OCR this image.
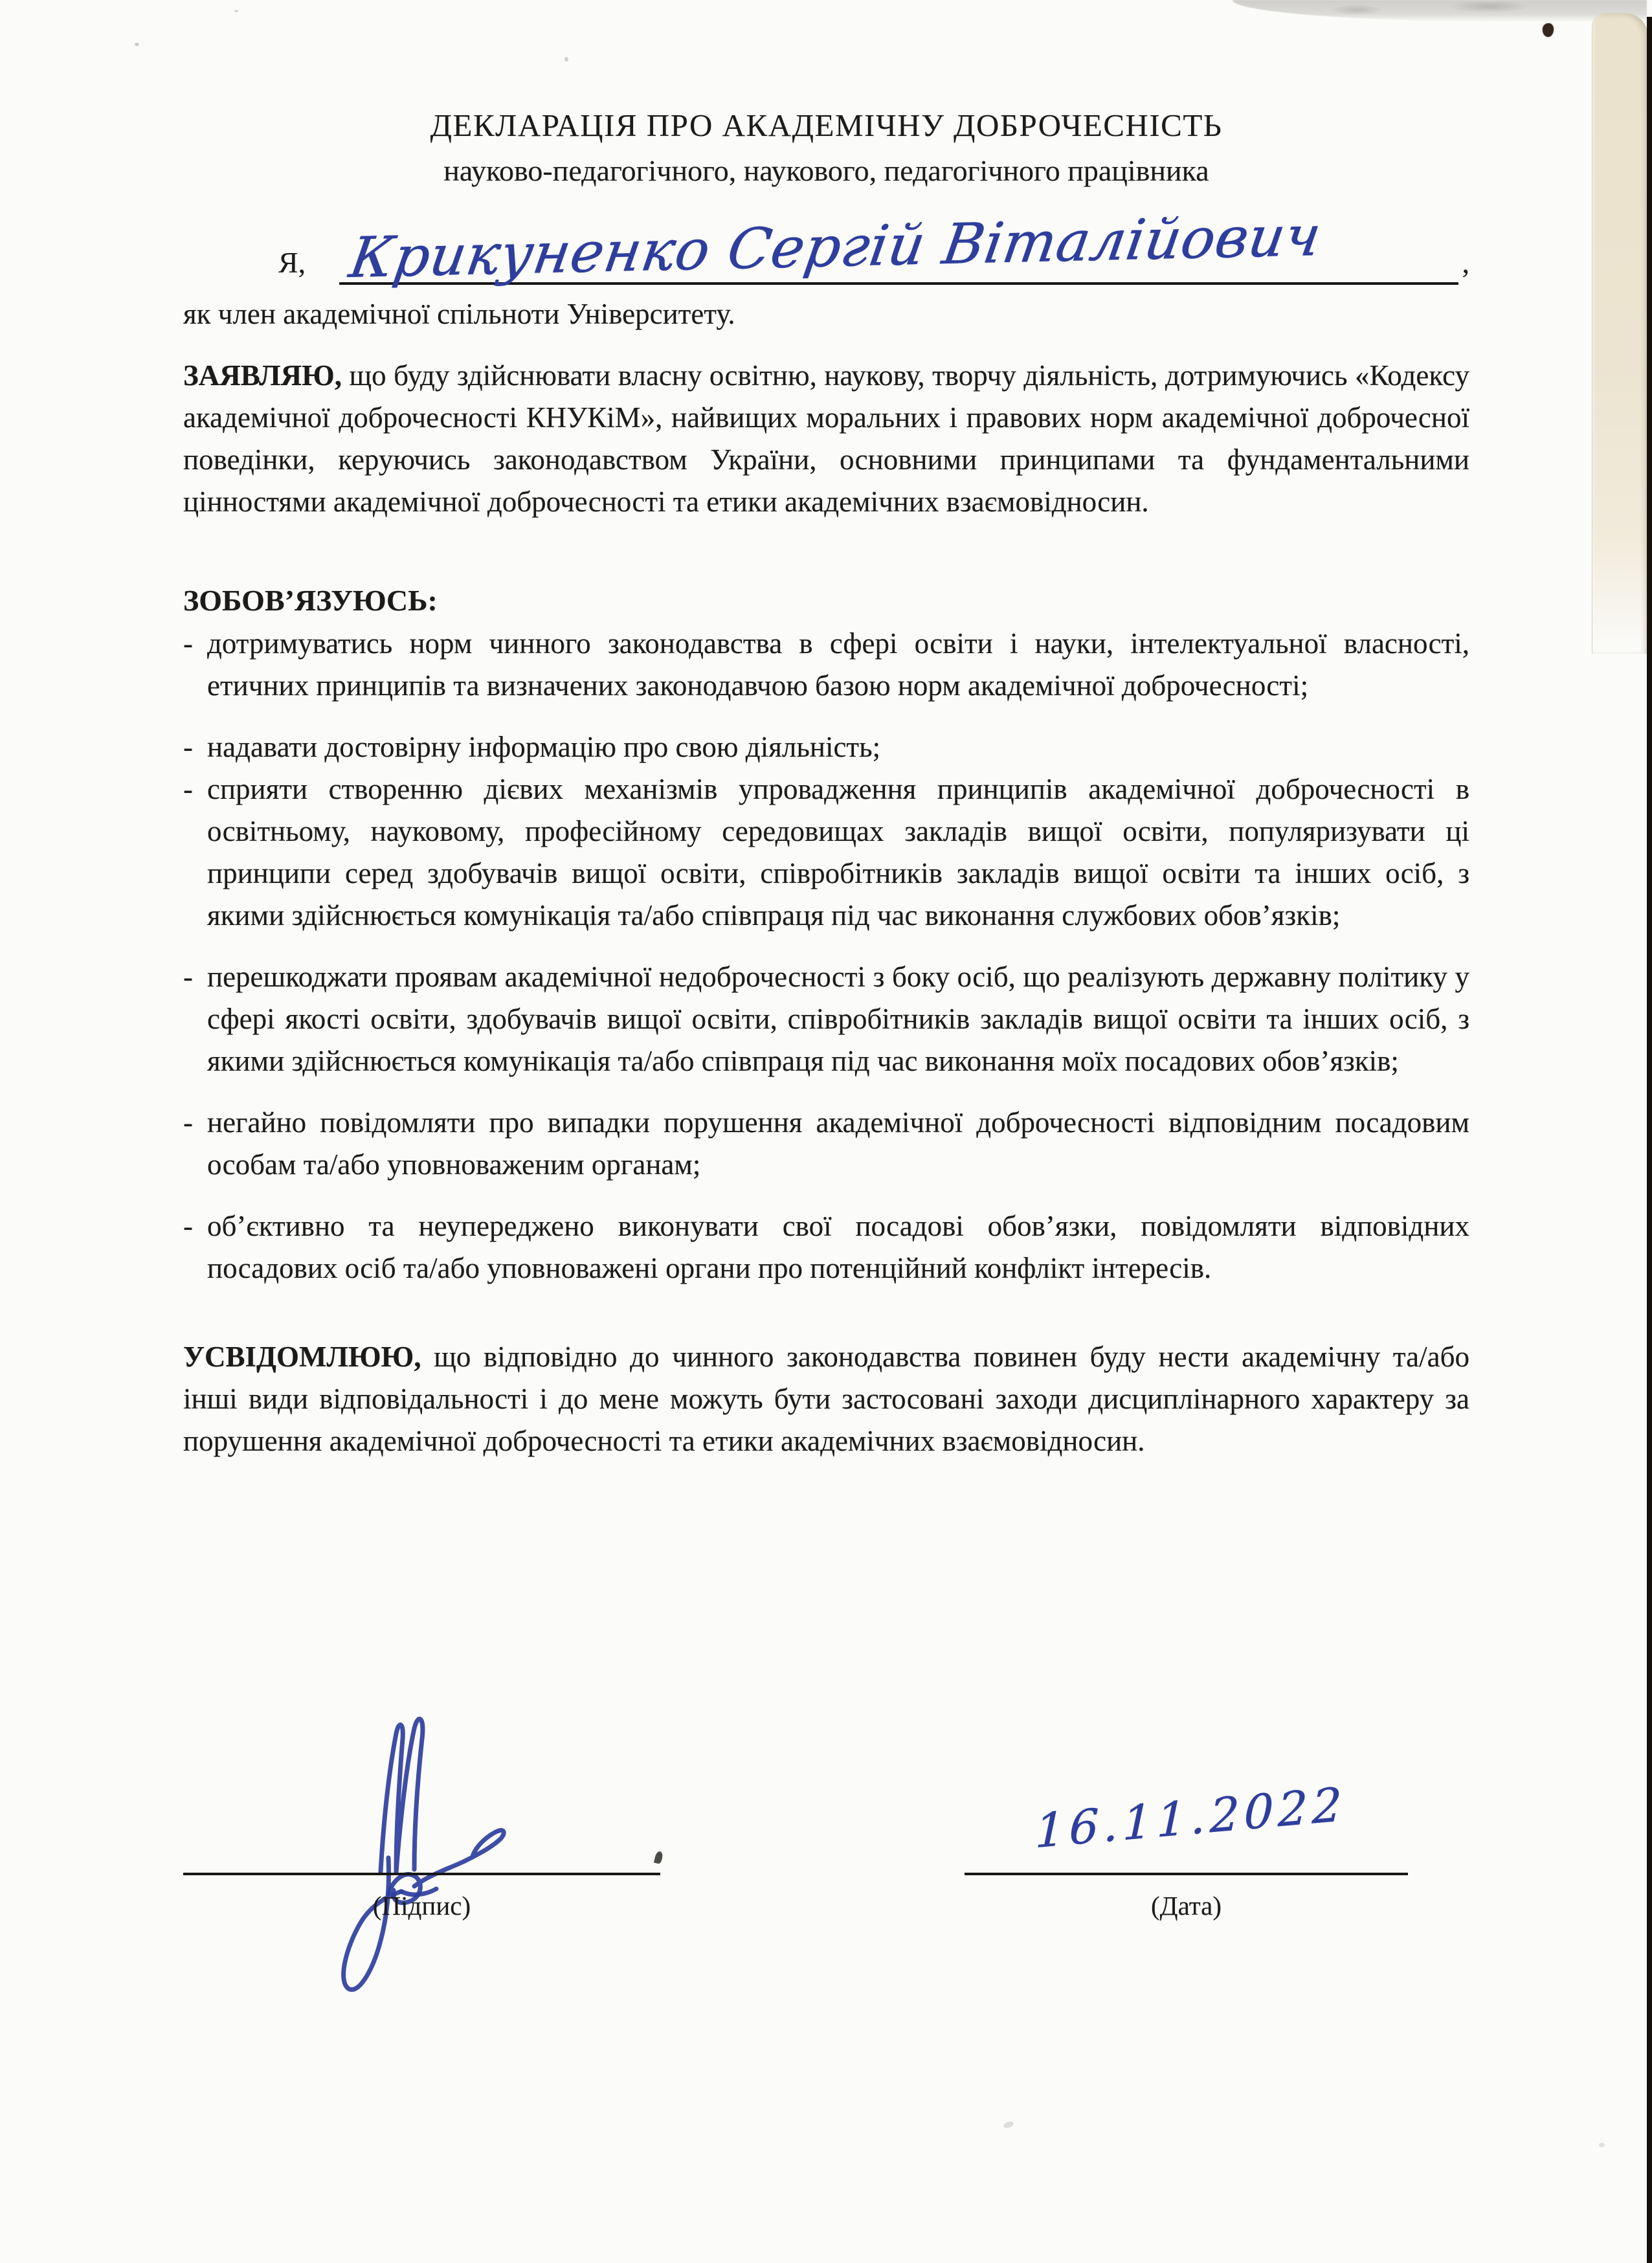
ДЕКЛАРАЦІЯ ПРО АКАДЕМІЧНУ ДОБРОЧЕСНІСТЬ
науково-педагогічного, наукового, педагогічного працівника
Я, Крикуненко Сергій Віталійович	,
як член академічної спільноти Університету.

ЗАЯВЛЯЮ, що буду здійснювати власну освітню, наукову, творчу діяльність, дотримуючись «Кодексу академічної доброчесності КНУКіМ», найвищих моральних і правових норм академічної доброчесної поведінки, керуючись законодавством України, основними принципами та фундаментальними цінностями академічної доброчесності та етики академічних взаємовідносин.

ЗОБОВ’ЯЗУЮСЬ:
- дотримуватись норм чинного законодавства в сфері освіти і науки, інтелектуальної власності, етичних принципів та визначених законодавчою базою норм академічної доброчесності;
- надавати достовірну інформацію про свою діяльність;
- сприяти створенню дієвих механізмів упровадження принципів академічної доброчесності в освітньому, науковому, професійному середовищах закладів вищої освіти, популяризувати ці принципи серед здобувачів вищої освіти, співробітників закладів вищої освіти та інших осіб, з якими здійснюється комунікація та/або співпраця під час виконання службових обов’язків;
- перешкоджати проявам академічної недоброчесності з боку осіб, що реалізують державну політику у сфері якості освіти, здобувачів вищої освіти, співробітників закладів вищої освіти та інших осіб, з якими здійснюється комунікація та/або співпраця під час виконання моїх посадових обов’язків;
- негайно повідомляти про випадки порушення академічної доброчесності відповідним посадовим особам та/або уповноваженим органам;
- об’єктивно та неупереджено виконувати свої посадові обов’язки, повідомляти відповідних посадових осіб та/або уповноважені органи про потенційний конфлікт інтересів.

УСВІДОМЛЮЮ, що відповідно до чинного законодавства повинен буду нести академічну та/або інші види відповідальності і до мене можуть бути застосовані заходи дисциплінарного характеру за порушення академічної доброчесності та етики академічних взаємовідносин.

16.11.2022
(Підпис)	(Дата)
